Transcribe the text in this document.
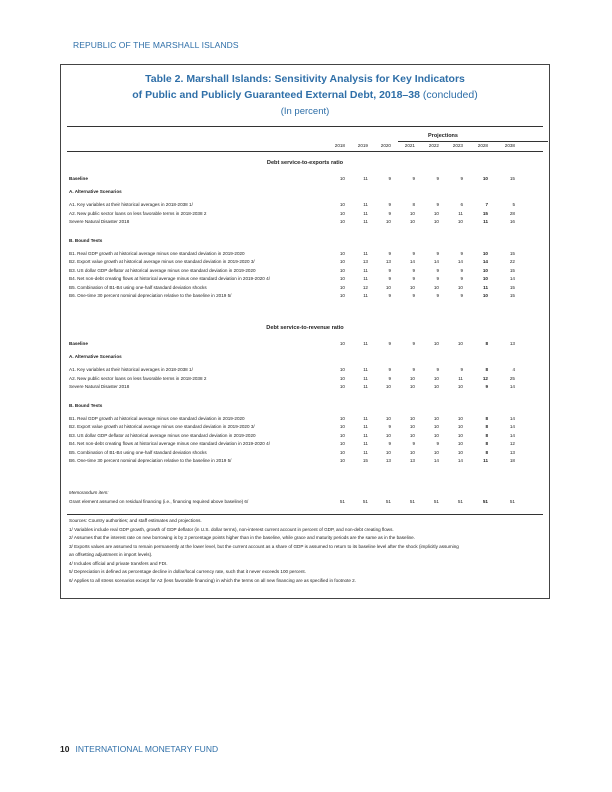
REPUBLIC OF THE MARSHALL ISLANDS
Table 2. Marshall Islands: Sensitivity Analysis for Key Indicators
of Public and Publicly Guaranteed External Debt, 2018–38 (concluded)
(In percent)
Projections
2018	2019	2020	2021	2022	2023	2028	2038
Debt service-to-exports ratio
Baseline	10	11	9	9	9	9	10	15
A. Alternative Scenarios
A1. Key variables at their historical averages in 2018-2038 1/	10	11	9	8	9	6	7	5
A2. New public sector loans on less favorable terms in 2018-2038 2	10	11	9	10	10	11	15	28
Severe Natural Disaster 2018	10	11	10	10	10	10	11	16
B. Bound Tests
B1. Real GDP growth at historical average minus one standard deviation in 2019-2020	10	11	9	9	9	9	10	15
B2. Export value growth at historical average minus one standard deviation in 2019-2020 3/	10	13	13	14	14	14	14	22
B3. US dollar GDP deflator at historical average minus one standard deviation in 2019-2020	10	11	9	9	9	9	10	15
B4. Net non-debt creating flows at historical average minus one standard deviation in 2019-2020 4/	10	11	9	9	9	9	10	14
B5. Combination of B1-B4 using one-half standard deviation shocks	10	12	10	10	10	10	11	15
B6. One-time 30 percent nominal depreciation relative to the baseline in 2019 5/	10	11	9	9	9	9	10	15
Debt service-to-revenue ratio
Baseline	10	11	9	9	10	10	8	13
A. Alternative Scenarios
A1. Key variables at their historical averages in 2018-2038 1/	10	11	9	9	9	9	8	4
A2. New public sector loans on less favorable terms in 2018-2038 2	10	11	9	10	10	11	12	25
Severe Natural Disaster 2018	10	11	10	10	10	10	9	14
B. Bound Tests
B1. Real GDP growth at historical average minus one standard deviation in 2019-2020	10	11	10	10	10	10	8	14
B2. Export value growth at historical average minus one standard deviation in 2019-2020 3/	10	11	9	10	10	10	8	14
B3. US dollar GDP deflator at historical average minus one standard deviation in 2019-2020	10	11	10	10	10	10	8	14
B4. Net non-debt creating flows at historical average minus one standard deviation in 2019-2020 4/	10	11	9	9	9	10	8	12
B5. Combination of B1-B4 using one-half standard deviation shocks	10	11	10	10	10	10	8	13
B6. One-time 30 percent nominal depreciation relative to the baseline in 2019 5/	10	15	13	13	14	14	11	18
Memorandum item:
Grant element assumed on residual financing (i.e., financing required above baseline) 6/	51	51	51	51	51	51	51	51
Sources: Country authorities; and staff estimates and projections.
1/ Variables include real GDP growth, growth of GDP deflator (in U.S. dollar terms), non-interest current account in percent of GDP, and non-debt creating flows.
2/ Assumes that the interest rate on new borrowing is by 2 percentage points higher than in the baseline, while grace and maturity periods are the same as in the baseline.
3/ Exports values are assumed to remain permanently at the lower level, but the current account as a share of GDP is assumed to return to its baseline level after the shock (implicitly assuming
an offsetting adjustment in import levels).
4/ Includes official and private transfers and FDI.
5/ Depreciation is defined as percentage decline in dollar/local currency rate, such that it never exceeds 100 percent.
6/ Applies to all stress scenarios except for A2 (less favorable financing) in which the terms on all new financing are as specified in footnote 2.
10 INTERNATIONAL MONETARY FUND
